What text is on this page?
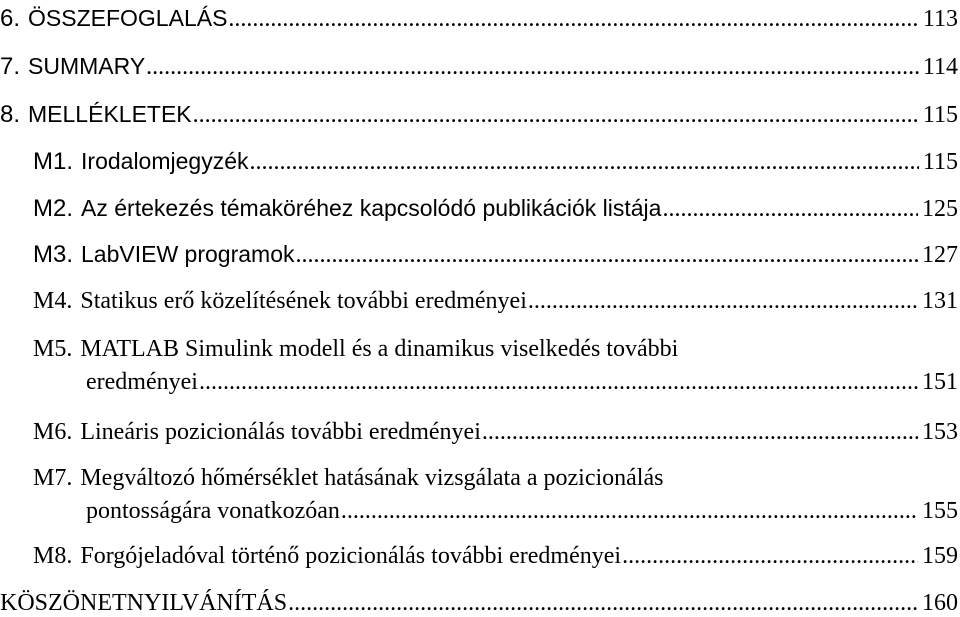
6. ÖSSZEFOGLALÁS .....	113
7. SUMMARY .....	114
8. MELLÉKLETEK .....	115
M1. Irodalomjegyzék .....	115
M2. Az értekezés témaköréhez kapcsolódó publikációk listája .....	125
M3. LabVIEW programok .....	127
M4. Statikus erő közelítésének további eredményei .....	131
M5. MATLAB Simulink modell és a dinamikus viselkedés további
eredményei .....	151
M6. Lineáris pozicionálás további eredményei .....	153
M7. Megváltozó hőmérséklet hatásának vizsgálata a pozicionálás
pontosságára vonatkozóan .....	155
M8. Forgójeladóval történő pozicionálás további eredményei .....	159
KÖSZÖNETNYILVÁNÍTÁS .....	160
